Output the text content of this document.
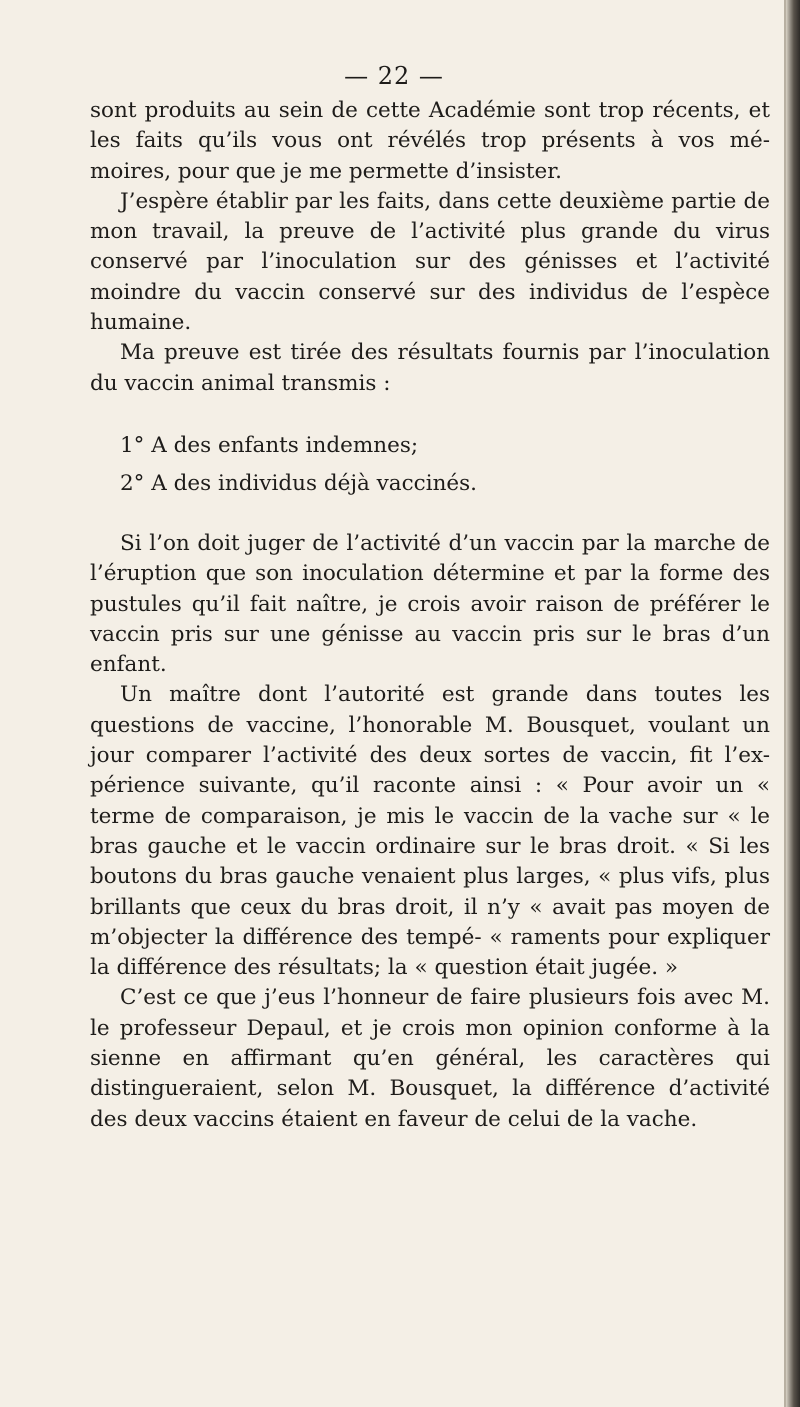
— 22 —

sont produits au sein de cette Académie sont trop récents, et les faits qu’ils vous ont révélés trop présents à vos mé- moires, pour que je me permette d’insister.

J’espère établir par les faits, dans cette deuxième partie de mon travail, la preuve de l’activité plus grande du virus conservé par l’inoculation sur des génisses et l’activité moindre du vaccin conservé sur des individus de l’espèce humaine.

Ma preuve est tirée des résultats fournis par l’inoculation du vaccin animal transmis :

1° A des enfants indemnes;

2° A des individus déjà vaccinés.

Si l’on doit juger de l’activité d’un vaccin par la marche de l’éruption que son inoculation détermine et par la forme des pustules qu’il fait naître, je crois avoir raison de préférer le vaccin pris sur une génisse au vaccin pris sur le bras d’un enfant.

Un maître dont l’autorité est grande dans toutes les questions de vaccine, l’honorable M. Bousquet, voulant un jour comparer l’activité des deux sortes de vaccin, fit l’ex- périence suivante, qu’il raconte ainsi : « Pour avoir un « terme de comparaison, je mis le vaccin de la vache sur « le bras gauche et le vaccin ordinaire sur le bras droit. « Si les boutons du bras gauche venaient plus larges, « plus vifs, plus brillants que ceux du bras droit, il n’y « avait pas moyen de m’objecter la différence des tempé- « raments pour expliquer la différence des résultats; la « question était jugée. »

C’est ce que j’eus l’honneur de faire plusieurs fois avec M. le professeur Depaul, et je crois mon opinion conforme à la sienne en affirmant qu’en général, les caractères qui distingueraient, selon M. Bousquet, la différence d’activité des deux vaccins étaient en faveur de celui de la vache.
